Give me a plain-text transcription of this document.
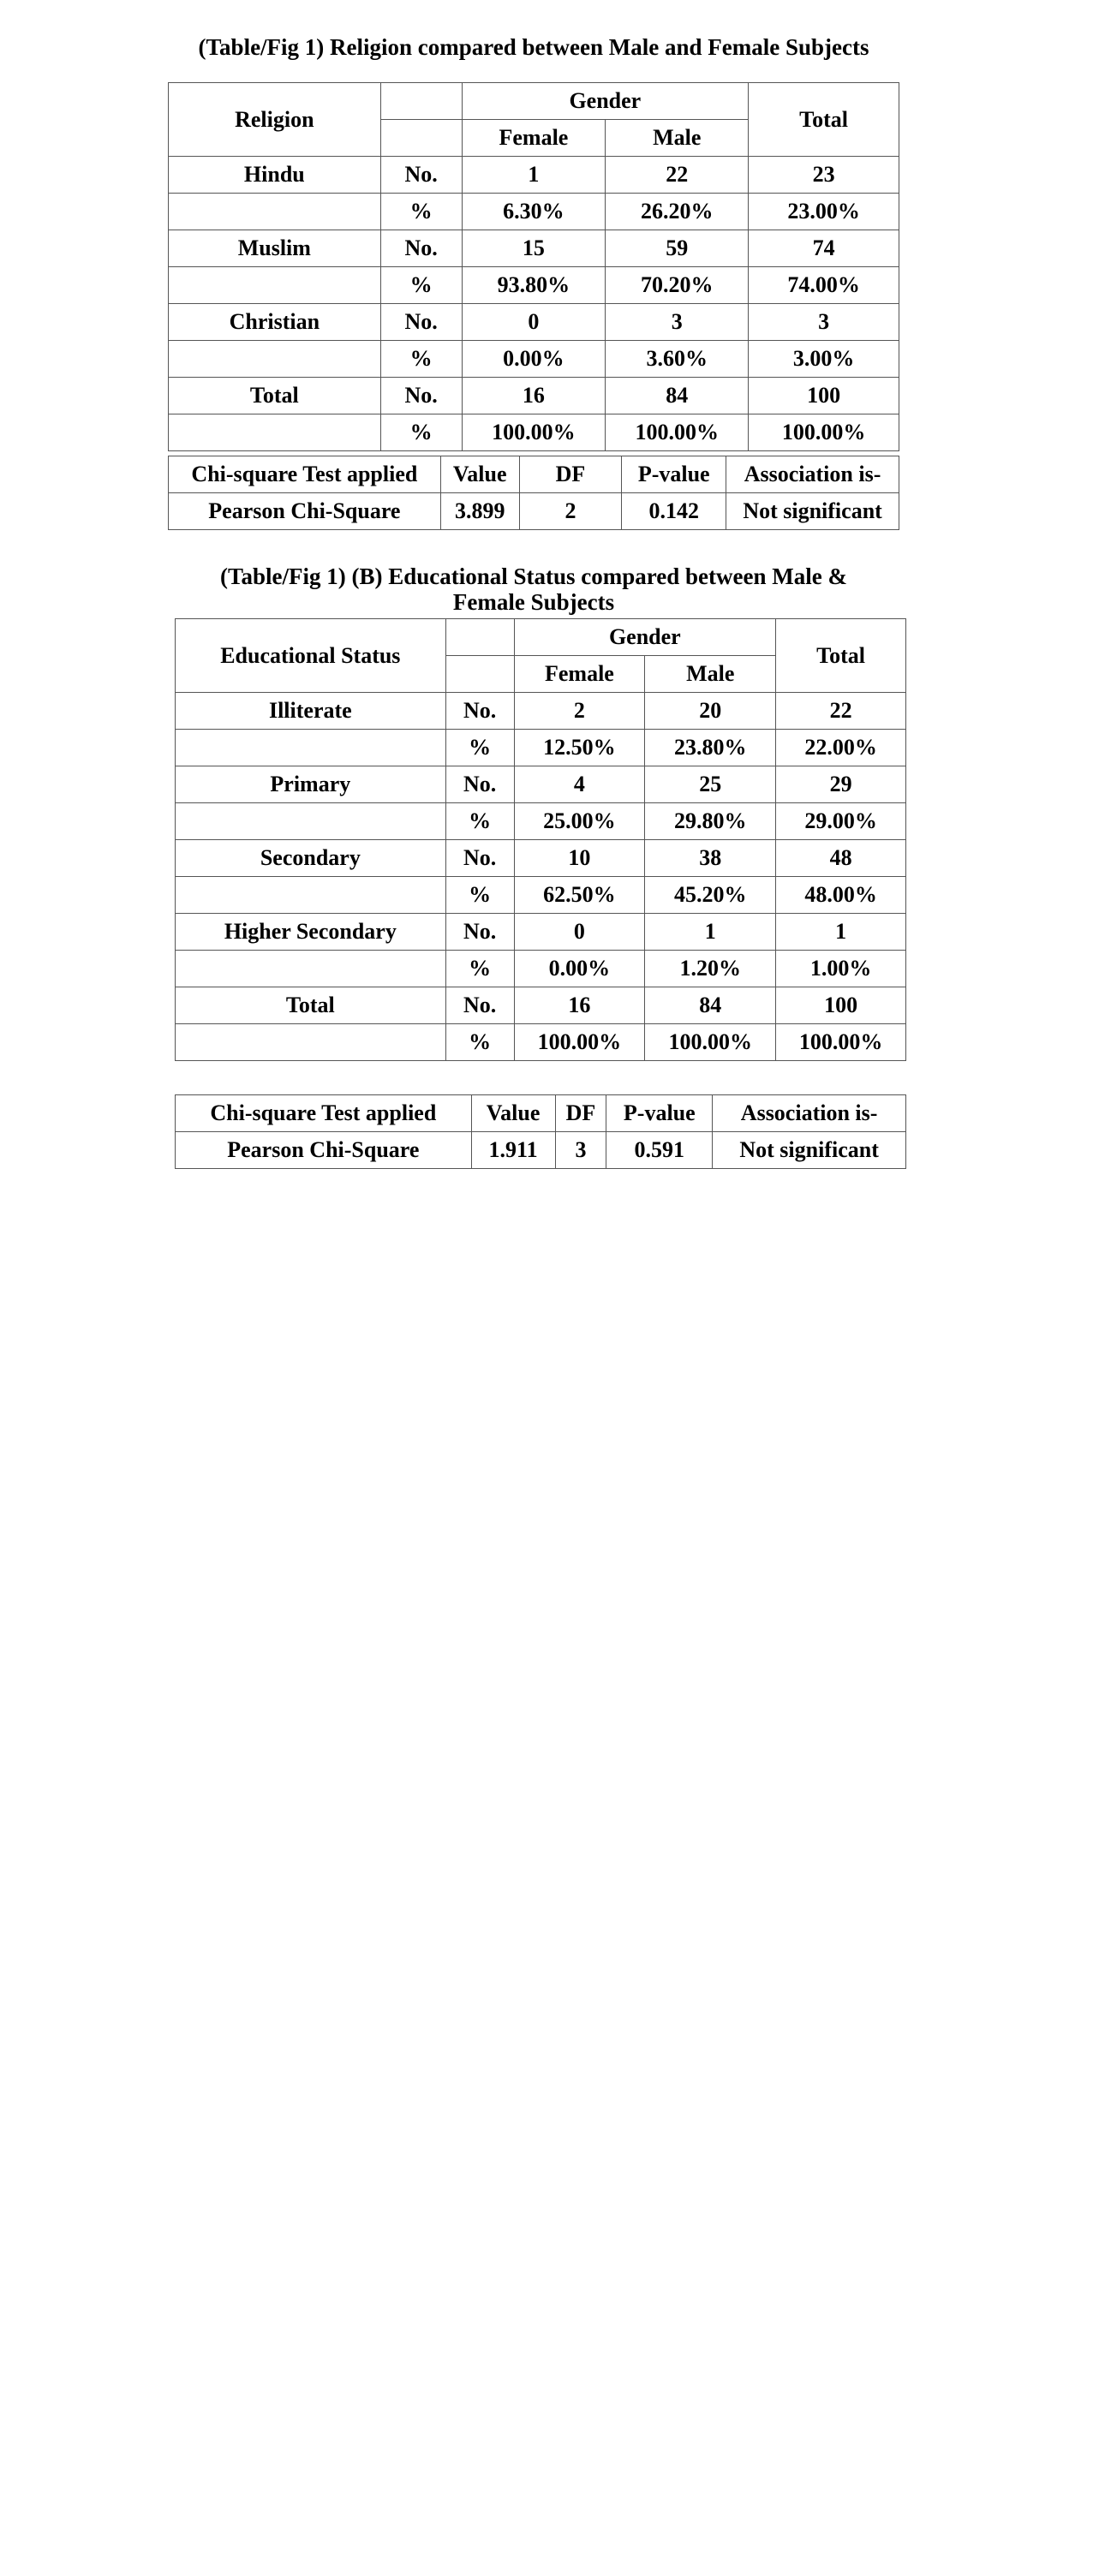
(Table/Fig 1) Religion compared between Male and Female Subjects
Religion		Gender		Total
		Female	Male	
Hindu	No.	1	22	23
	%	6.30%	26.20%	23.00%
Muslim	No.	15	59	74
	%	93.80%	70.20%	74.00%
Christian	No.	0	3	3
	%	0.00%	3.60%	3.00%
Total	No.	16	84	100
	%	100.00%	100.00%	100.00%
Chi-square Test applied	Value	DF	P-value	Association is-
Pearson Chi-Square	3.899	2	0.142	Not significant
(Table/Fig 1) (B) Educational Status compared between Male &
Female Subjects
Educational Status		Gender		Total
		Female	Male	
Illiterate	No.	2	20	22
	%	12.50%	23.80%	22.00%
Primary	No.	4	25	29
	%	25.00%	29.80%	29.00%
Secondary	No.	10	38	48
	%	62.50%	45.20%	48.00%
Higher Secondary	No.	0	1	1
	%	0.00%	1.20%	1.00%
Total	No.	16	84	100
	%	100.00%	100.00%	100.00%
Chi-square Test applied	Value	DF	P-value	Association is-
Pearson Chi-Square	1.911	3	0.591	Not significant
